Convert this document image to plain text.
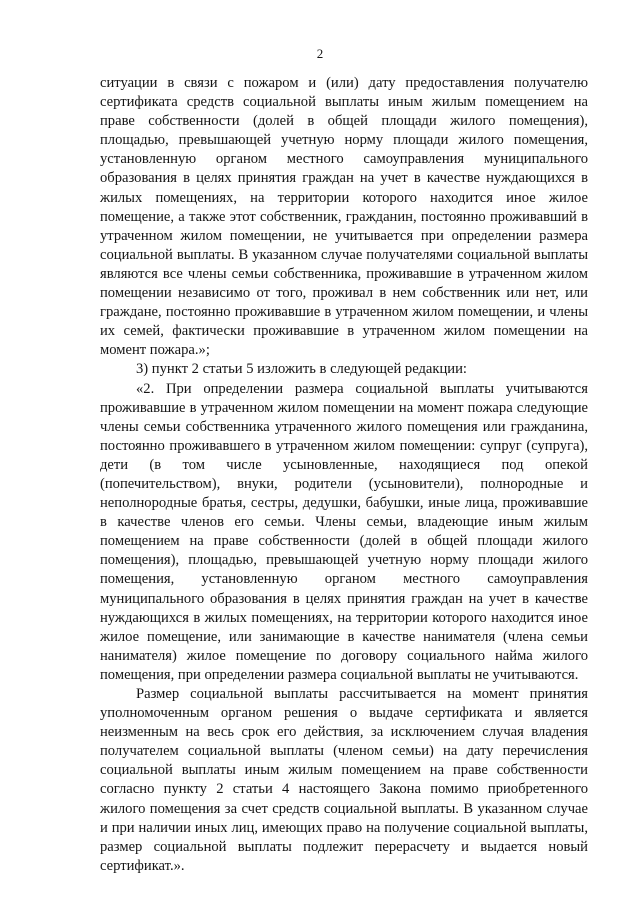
2

ситуации в связи с пожаром и (или) дату предоставления получателю сертификата средств социальной выплаты иным жилым помещением на праве собственности (долей в общей площади жилого помещения), площадью, превышающей учетную норму площади жилого помещения, установленную органом местного самоуправления муниципального образования в целях принятия граждан на учет в качестве нуждающихся в жилых помещениях, на территории которого находится иное жилое помещение, а также этот собственник, гражданин, постоянно проживавший в утраченном жилом помещении, не учитывается при определении размера социальной выплаты. В указанном случае получателями социальной выплаты являются все члены семьи собственника, проживавшие в утраченном жилом помещении независимо от того, проживал в нем собственник или нет, или граждане, постоянно проживавшие в утраченном жилом помещении, и члены их семей, фактически проживавшие в утраченном жилом помещении на момент пожара.»;

3) пункт 2 статьи 5 изложить в следующей редакции:

«2. При определении размера социальной выплаты учитываются проживавшие в утраченном жилом помещении на момент пожара следующие члены семьи собственника утраченного жилого помещения или гражданина, постоянно проживавшего в утраченном жилом помещении: супруг (супруга), дети (в том числе усыновленные, находящиеся под опекой (попечительством), внуки, родители (усыновители), полнородные и неполнородные братья, сестры, дедушки, бабушки, иные лица, проживавшие в качестве членов его семьи. Члены семьи, владеющие иным жилым помещением на праве собственности (долей в общей площади жилого помещения), площадью, превышающей учетную норму площади жилого помещения, установленную органом местного самоуправления муниципального образования в целях принятия граждан на учет в качестве нуждающихся в жилых помещениях, на территории которого находится иное жилое помещение, или занимающие в качестве нанимателя (члена семьи нанимателя) жилое помещение по договору социального найма жилого помещения, при определении размера социальной выплаты не учитываются.

Размер социальной выплаты рассчитывается на момент принятия уполномоченным органом решения о выдаче сертификата и является неизменным на весь срок его действия, за исключением случая владения получателем социальной выплаты (членом семьи) на дату перечисления социальной выплаты иным жилым помещением на праве собственности согласно пункту 2 статьи 4 настоящего Закона помимо приобретенного жилого помещения за счет средств социальной выплаты. В указанном случае и при наличии иных лиц, имеющих право на получение социальной выплаты, размер социальной выплаты подлежит перерасчету и выдается новый сертификат.».
